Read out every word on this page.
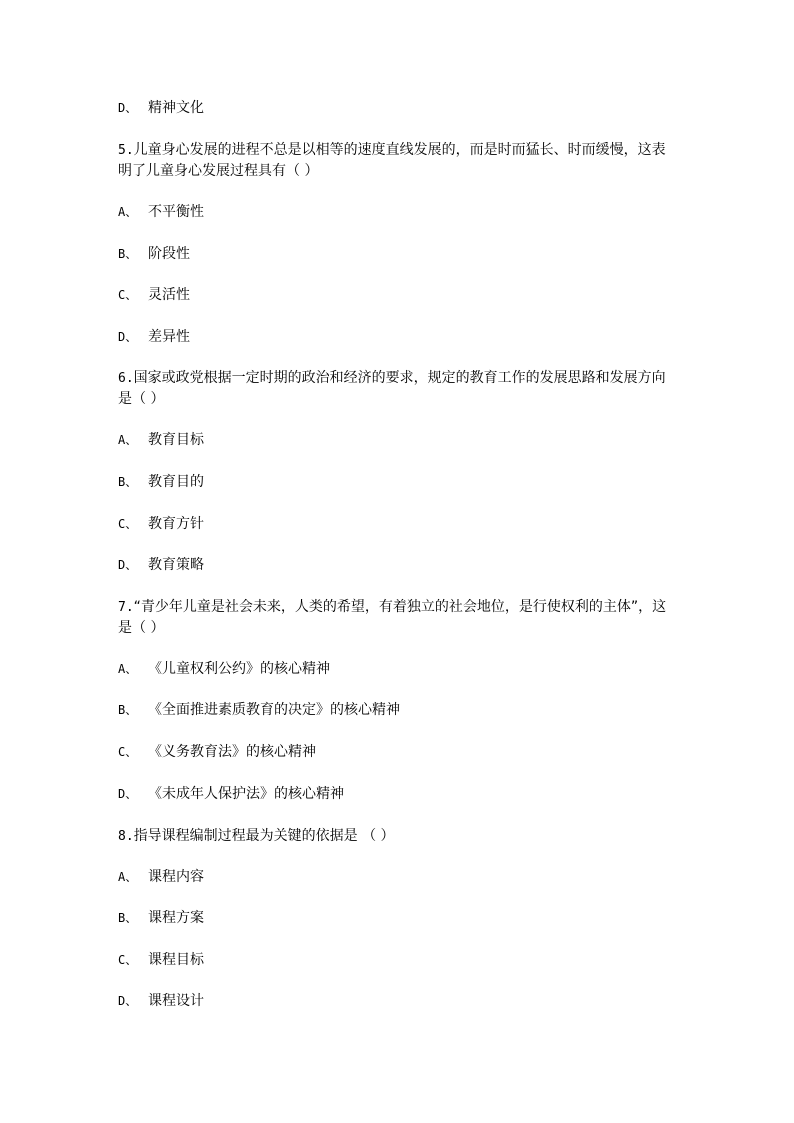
D、 精神文化
5.儿童身心发展的进程不总是以相等的速度直线发展的，而是时而猛长、时而缓慢，这表
明了儿童身心发展过程具有（ ）
A、 不平衡性
B、 阶段性
C、 灵活性
D、 差异性
6.国家或政党根据一定时期的政治和经济的要求，规定的教育工作的发展思路和发展方向
是（ ）
A、 教育目标
B、 教育目的
C、 教育方针
D、 教育策略
7.“青少年儿童是社会未来，人类的希望，有着独立的社会地位，是行使权利的主体”，这
是（ ）
A、 《儿童权利公约》的核心精神
B、 《全面推进素质教育的决定》的核心精神
C、 《义务教育法》的核心精神
D、 《未成年人保护法》的核心精神
8.指导课程编制过程最为关键的依据是 （ ）
A、 课程内容
B、 课程方案
C、 课程目标
D、 课程设计
